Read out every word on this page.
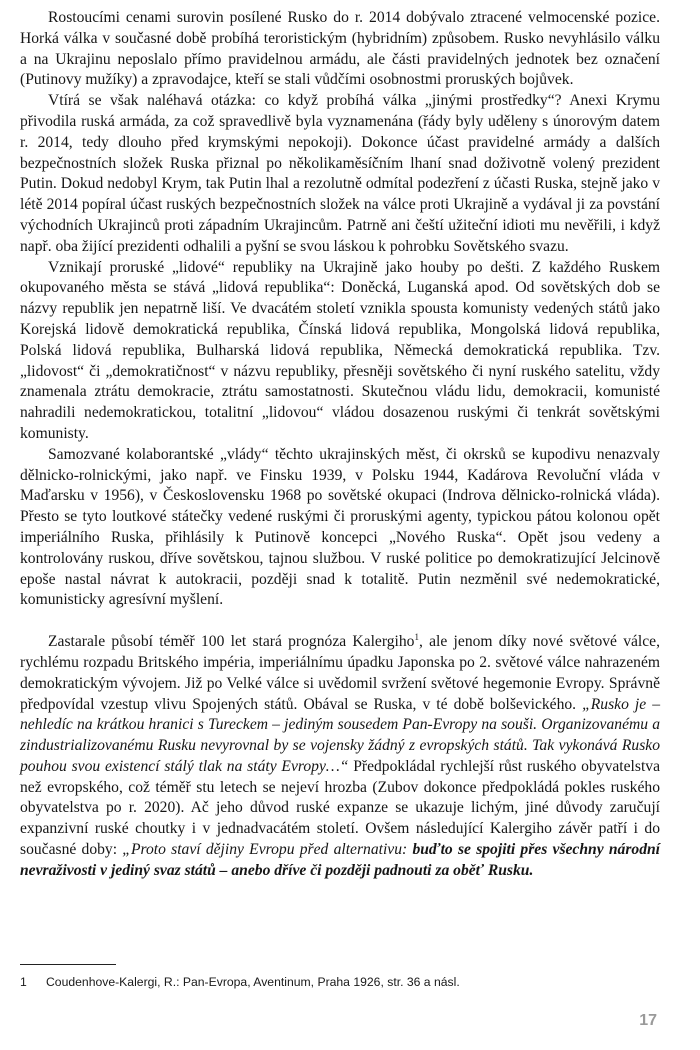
Rostoucími cenami surovin posílené Rusko do r. 2014 dobývalo ztracené velmocenské pozice. Horká válka v současné době probíhá teroristickým (hybridním) způsobem. Rusko nevyhlásilo válku a na Ukrajinu neposlalo přímo pravidelnou armádu, ale části pravidelných jednotek bez označení (Putinovy mužíky) a zpravodajce, kteří se stali vůdčími osobnostmi proruských bojůvek.

Vtírá se však naléhavá otázka: co když probíhá válka „jinými prostředky“? Anexi Krymu přivodila ruská armáda, za což spravedlivě byla vyznamenána (řády byly uděleny s únorovým datem r. 2014, tedy dlouho před krymskými nepokoji). Dokonce účast pravidelné armády a dalších bezpečnostních složek Ruska přiznal po několikaměsíčním lhaní snad doživotně volený prezident Putin. Dokud nedobyl Krym, tak Putin lhal a rezolutně odmítal podezření z účasti Ruska, stejně jako v létě 2014 popíral účast ruských bezpečnostních složek na válce proti Ukrajině a vydával ji za povstání východních Ukrajinců proti západním Ukrajincům. Patrně ani čeští užiteční idioti mu nevěřili, i když např. oba žijící prezidenti odhalili a pyšní se svou láskou k pohrobku Sovětského svazu.

Vznikají proruské „lidové“ republiky na Ukrajině jako houby po dešti. Z každého Ruskem okupovaného města se stává „lidová republika“: Doněcká, Luganská apod. Od sovětských dob se názvy republik jen nepatrně liší. Ve dvacátém století vznikla spousta komunisty vedených států jako Korejská lidově demokratická republika, Čínská lidová republika, Mongolská lidová republika, Polská lidová republika, Bulharská lidová republika, Německá demokratická republika. Tzv. „lidovost“ či „demokratičnost“ v názvu republiky, přesněji sovětského či nyní ruského satelitu, vždy znamenala ztrátu demokracie, ztrátu samostatnosti. Skutečnou vládu lidu, demokracii, komunisté nahradili nedemokratickou, totalitní „lidovou“ vládou dosazenou ruskými či tenkrát sovětskými komunisty.

Samozvané kolaborantské „vlády“ těchto ukrajinských měst, či okrsků se kupodivu nenazvaly dělnicko-rolnickými, jako např. ve Finsku 1939, v Polsku 1944, Kadárova Revoluční vláda v Maďarsku v 1956), v Československu 1968 po sovětské okupaci (Indrova dělnicko-rolnická vláda). Přesto se tyto loutkové státečky vedené ruskými či proruskými agenty, typickou pátou kolonou opět imperiálního Ruska, přihlásily k Putinově koncepci „Nového Ruska“. Opět jsou vedeny a kontrolovány ruskou, dříve sovětskou, tajnou službou. V ruské politice po demokratizující Jelcinově epoše nastal návrat k autokracii, později snad k totalitě. Putin nezměnil své nedemokratické, komunisticky agresívní myšlení.

Zastarale působí téměř 100 let stará prognóza Kalergiho$^1$, ale jenom díky nové světové válce, rychlému rozpadu Britského impéria, imperiálnímu úpadku Japonska po 2. světové válce nahrazeném demokratickým vývojem. Již po Velké válce si uvědomil svržení světové hegemonie Evropy. Správně předpovídal vzestup vlivu Spojených států. Obával se Ruska, v té době bolševického. „Rusko je – nehledíc na krátkou hranici s Tureckem – jediným sousedem Pan-Evropy na souši. Organizovanému a zindustrializovanému Rusku nevyrovnal by se vojensky žádný z evropských států. Tak vykonává Rusko pouhou svou existencí stálý tlak na státy Evropy…“ Předpokládal rychlejší růst ruského obyvatelstva než evropského, což téměř stu letech se nejeví hrozba (Zubov dokonce předpokládá pokles ruského obyvatelstva po r. 2020). Ač jeho důvod ruské expanze se ukazuje lichým, jiné důvody zaručují expanzivní ruské choutky i v jednadvacátém století. Ovšem následující Kalergiho závěr patří i do současné doby: „Proto staví dějiny Evropu před alternativu: buďto se spojiti přes všechny národní nevraživosti v jediný svaz států – anebo dříve či později padnouti za oběť Rusku.

1 Coudenhove-Kalergi, R.: Pan-Evropa, Aventinum, Praha 1926, str. 36 a násl.
17
